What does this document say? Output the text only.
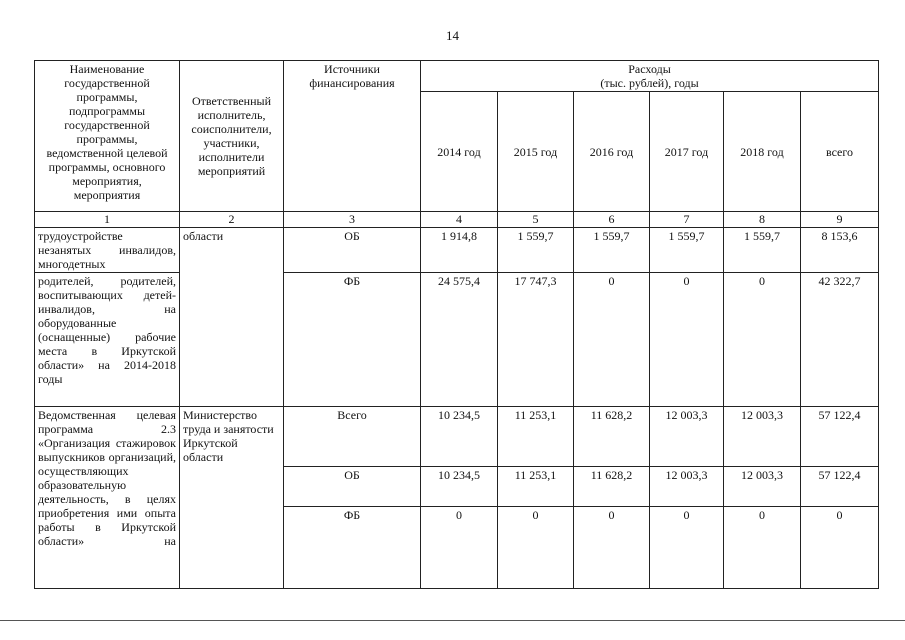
14
Наименование государственной программы, подпрограммы государственной программы, ведомственной целевой программы, основного мероприятия, мероприятия	Ответственный исполнитель, соисполнители, участники, исполнители мероприятий	Источники финансирования	Расходы
(тыс. рублей), годы					

			2014 год	2015 год	2016 год	2017 год	2018 год	всего
1	2	3	4	5	6	7	8	9
трудоустройстве незанятых инвалидов, многодетных	области	ОБ	1 914,8	1 559,7	1 559,7	1 559,7	1 559,7	8 153,6
родителей, родителей, воспитывающих детей-инвалидов, на оборудованные (оснащенные) рабочие места в Иркутской области» на 2014-2018 годы		ФБ	24 575,4	17 747,3	0	0	0	42 322,7
Ведомственная целевая программа 2.3 «Организация стажировок выпускников организаций, осуществляющих образовательную деятельность, в целях приобретения ими опыта работы в Иркутской области» на	Министерство труда и занятости Иркутской области	Всего	10 234,5	11 253,1	11 628,2	12 003,3	12 003,3	57 122,4
		ОБ	10 234,5	11 253,1	11 628,2	12 003,3	12 003,3	57 122,4
		ФБ	0	0	0	0	0	0
